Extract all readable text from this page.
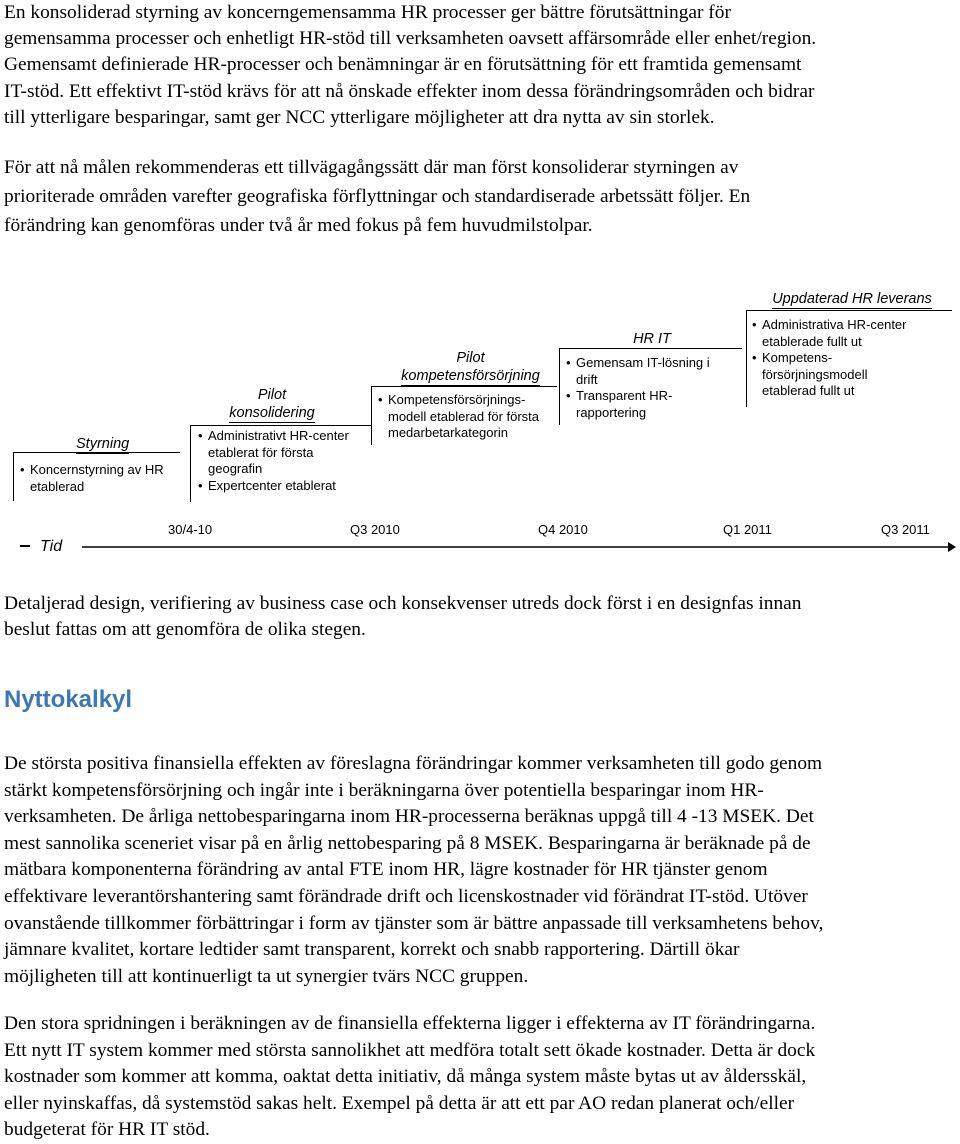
En konsoliderad styrning av koncerngemensamma HR processer ger bättre förutsättningar för
gemensamma processer och enhetligt HR-stöd till verksamheten oavsett affärsområde eller enhet/region.
Gemensamt definierade HR-processer och benämningar är en förutsättning för ett framtida gemensamt
IT-stöd. Ett effektivt IT-stöd krävs för att nå önskade effekter inom dessa förändringsområden och bidrar
till ytterligare besparingar, samt ger NCC ytterligare möjligheter att dra nytta av sin storlek.
För att nå målen rekommenderas ett tillvägagångssätt där man först konsoliderar styrningen av
prioriterade områden varefter geografiska förflyttningar och standardiserade arbetssätt följer. En
förändring kan genomföras under två år med fokus på fem huvudmilstolpar.
Styrning
• Koncernstyrning av HR
etablerad
Pilot
konsolidering
• Administrativt HR-center
etablerat för första
geografin
• Expertcenter etablerat
Pilot
kompetensförsörjning
• Kompetensförsörjnings-
modell etablerad för första
medarbetarkategorin
HR IT
• Gemensam IT-lösning i
drift
• Transparent HR-
rapportering
Uppdaterad HR leverans
• Administrativa HR-center
etablerade fullt ut
• Kompetens-
försörjningsmodell
etablerad fullt ut
Tid
30/4-10	Q3 2010	Q4 2010	Q1 2011	Q3 2011
Detaljerad design, verifiering av business case och konsekvenser utreds dock först i en designfas innan
beslut fattas om att genomföra de olika stegen.
Nyttokalkyl
De största positiva finansiella effekten av föreslagna förändringar kommer verksamheten till godo genom
stärkt kompetensförsörjning och ingår inte i beräkningarna över potentiella besparingar inom HR-
verksamheten. De årliga nettobesparingarna inom HR-processerna beräknas uppgå till 4 -13 MSEK. Det
mest sannolika sceneriet visar på en årlig nettobesparing på 8 MSEK. Besparingarna är beräknade på de
mätbara komponenterna förändring av antal FTE inom HR, lägre kostnader för HR tjänster genom
effektivare leverantörshantering samt förändrade drift och licenskostnader vid förändrat IT-stöd. Utöver
ovanstående tillkommer förbättringar i form av tjänster som är bättre anpassade till verksamhetens behov,
jämnare kvalitet, kortare ledtider samt transparent, korrekt och snabb rapportering. Därtill ökar
möjligheten till att kontinuerligt ta ut synergier tvärs NCC gruppen.
Den stora spridningen i beräkningen av de finansiella effekterna ligger i effekterna av IT förändringarna.
Ett nytt IT system kommer med största sannolikhet att medföra totalt sett ökade kostnader. Detta är dock
kostnader som kommer att komma, oaktat detta initiativ, då många system måste bytas ut av åldersskäl,
eller nyinskaffas, då systemstöd sakas helt. Exempel på detta är att ett par AO redan planerat och/eller
budgeterat för HR IT stöd.
